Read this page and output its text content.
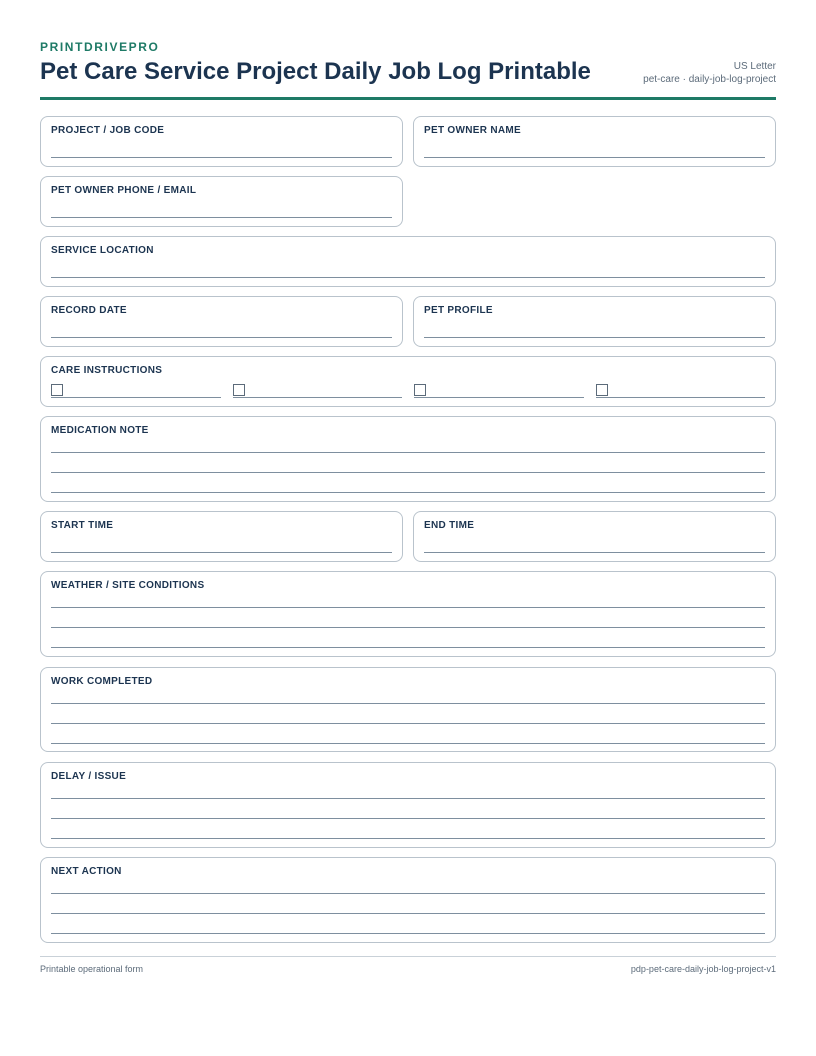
PRINTDRIVEPRO
Pet Care Service Project Daily Job Log Printable	US Letter
pet-care · daily-job-log-project
PROJECT / JOB CODE	PET OWNER NAME
PET OWNER PHONE / EMAIL
SERVICE LOCATION
RECORD DATE	PET PROFILE
CARE INSTRUCTIONS
MEDICATION NOTE
START TIME	END TIME
WEATHER / SITE CONDITIONS
WORK COMPLETED
DELAY / ISSUE
NEXT ACTION
Printable operational form	pdp-pet-care-daily-job-log-project-v1
